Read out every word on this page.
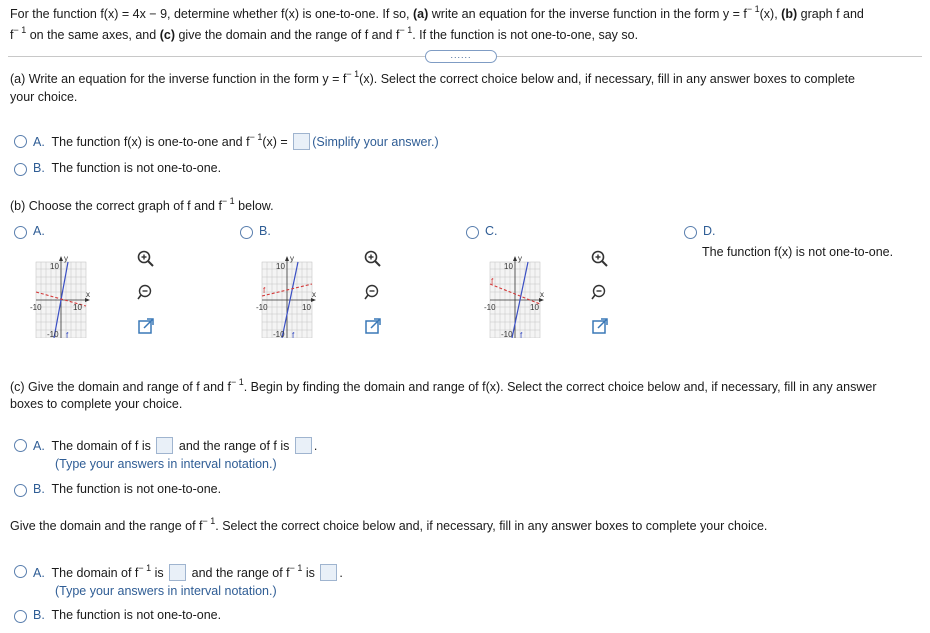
For the function f(x) = 4x − 9, determine whether f(x) is one-to-one. If so, (a) write an equation for the inverse function in the form $y = f^{- 1}(x)$, (b) graph f and
$f^{- 1}$ on the same axes, and (c) give the domain and the range of f and $f^{- 1}$. If the function is not one-to-one, say so.
......
(a) Write an equation for the inverse function in the form $y = f^{- 1}(x)$. Select the correct choice below and, if necessary, fill in any answer boxes to complete
your choice.
A. The function f(x) is one-to-one and $f^{- 1}(x)$ = (Simplify your answer.)
B. The function is not one-to-one.
(b) Choose the correct graph of f and $f^{- 1}$ below.
A.
y
x
10
-10	10
-10 f
B.
y
x
10
-10	10
-10
f
f
C.
y
x
10
-10	10
-10
f
f
D.
The function f(x) is not one-to-one.
(c) Give the domain and range of f and $f^{- 1}$. Begin by finding the domain and range of f(x). Select the correct choice below and, if necessary, fill in any answer
boxes to complete your choice.
A. The domain of f is and the range of f is .
(Type your answers in interval notation.)
B. The function is not one-to-one.
Give the domain and the range of $f^{- 1}$. Select the correct choice below and, if necessary, fill in any answer boxes to complete your choice.
A. The domain of $f^{- 1}$ is and the range of $f^{- 1}$ is .
(Type your answers in interval notation.)
B. The function is not one-to-one.
